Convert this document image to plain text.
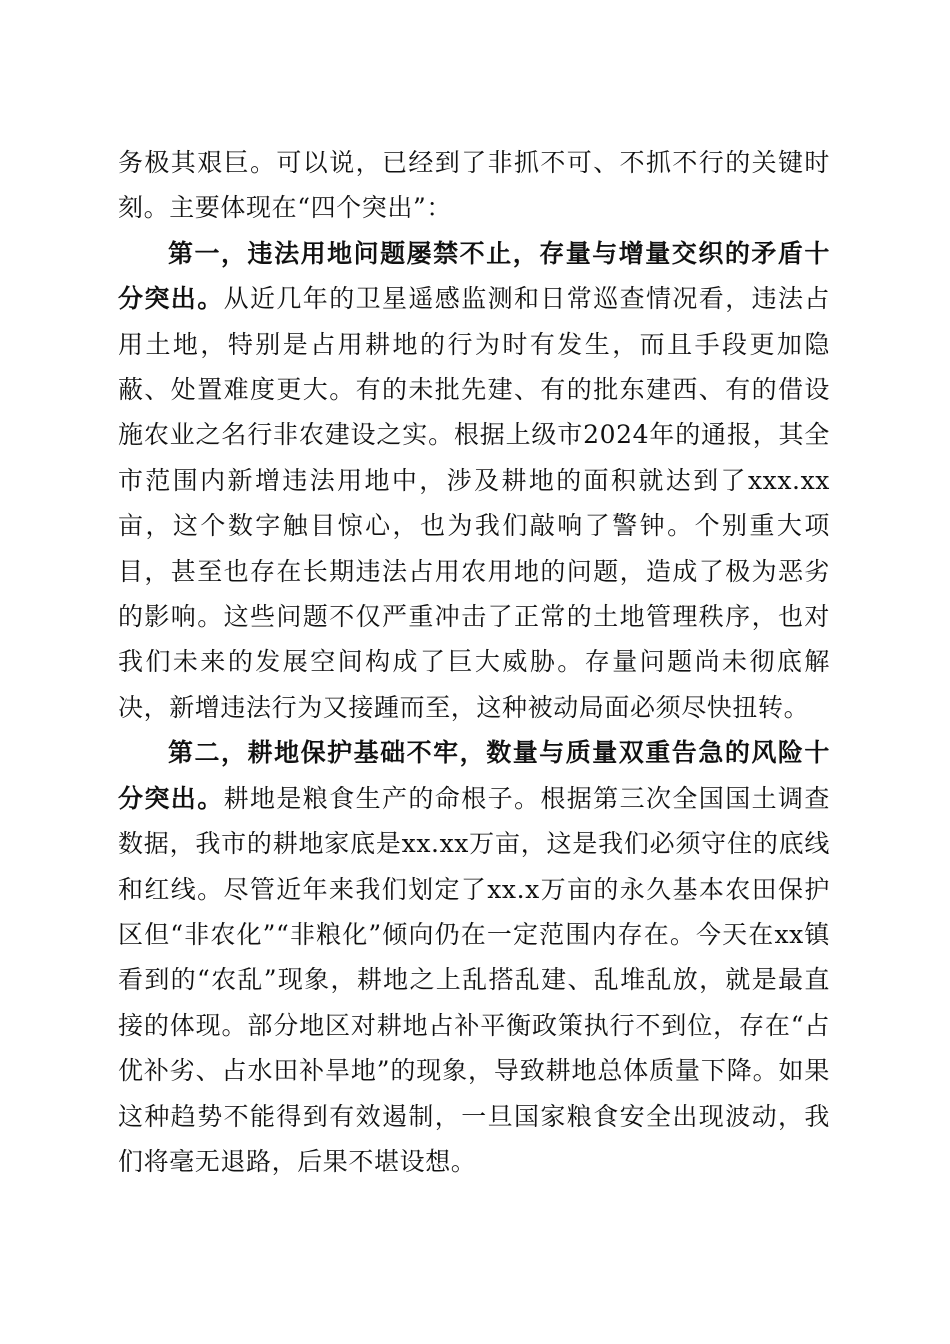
务极其艰巨。可以说，已经到了非抓不可、不抓不行的关键时刻。主要体现在“四个突出”：

第一，违法用地问题屡禁不止，存量与增量交织的矛盾十分突出。从近几年的卫星遥感监测和日常巡查情况看，违法占用土地，特别是占用耕地的行为时有发生，而且手段更加隐蔽、处置难度更大。有的未批先建、有的批东建西、有的借设施农业之名行非农建设之实。根据上级市2024年的通报，其全市范围内新增违法用地中，涉及耕地的面积就达到了xxx.xx亩，这个数字触目惊心，也为我们敲响了警钟。个别重大项目，甚至也存在长期违法占用农用地的问题，造成了极为恶劣的影响。这些问题不仅严重冲击了正常的土地管理秩序，也对我们未来的发展空间构成了巨大威胁。存量问题尚未彻底解决，新增违法行为又接踵而至，这种被动局面必须尽快扭转。

第二，耕地保护基础不牢，数量与质量双重告急的风险十分突出。耕地是粮食生产的命根子。根据第三次全国国土调查数据，我市的耕地家底是xx.xx万亩，这是我们必须守住的底线和红线。尽管近年来我们划定了xx.x万亩的永久基本农田保护区但“非农化”“非粮化”倾向仍在一定范围内存在。今天在xx镇看到的“农乱”现象，耕地之上乱搭乱建、乱堆乱放，就是最直接的体现。部分地区对耕地占补平衡政策执行不到位，存在“占优补劣、占水田补旱地”的现象，导致耕地总体质量下降。如果这种趋势不能得到有效遏制，一旦国家粮食安全出现波动，我们将毫无退路，后果不堪设想。
